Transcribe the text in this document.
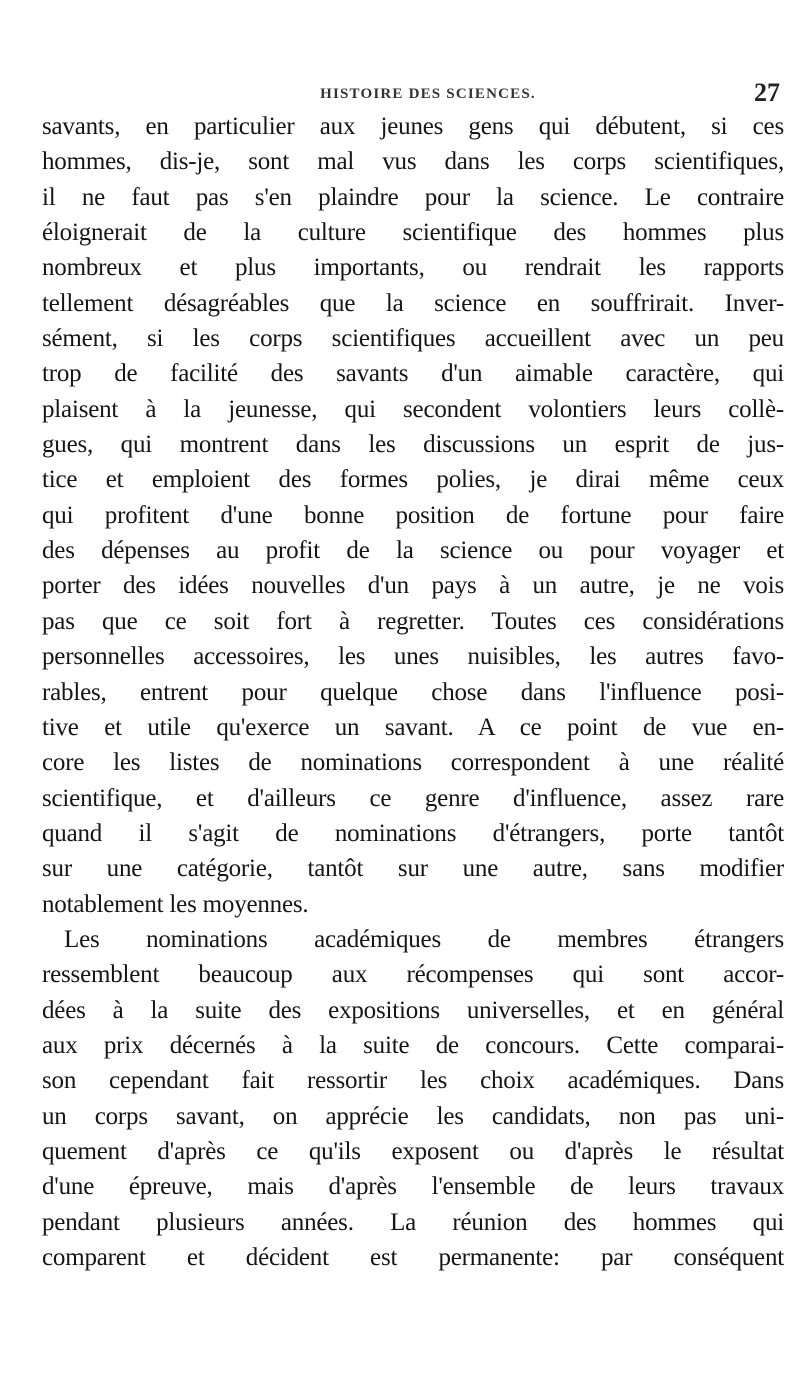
HISTOIRE DES SCIENCES.	27
savants, en particulier aux jeunes gens qui débutent, si ces
hommes, dis-je, sont mal vus dans les corps scientifiques,
il ne faut pas s'en plaindre pour la science. Le contraire
éloignerait de la culture scientifique des hommes plus
nombreux et plus importants, ou rendrait les rapports
tellement désagréables que la science en souffrirait. Inver-
sément, si les corps scientifiques accueillent avec un peu
trop de facilité des savants d'un aimable caractère, qui
plaisent à la jeunesse, qui secondent volontiers leurs collè-
gues, qui montrent dans les discussions un esprit de jus-
tice et emploient des formes polies, je dirai même ceux
qui profitent d'une bonne position de fortune pour faire
des dépenses au profit de la science ou pour voyager et
porter des idées nouvelles d'un pays à un autre, je ne vois
pas que ce soit fort à regretter. Toutes ces considérations
personnelles accessoires, les unes nuisibles, les autres favo-
rables, entrent pour quelque chose dans l'influence posi-
tive et utile qu'exerce un savant. A ce point de vue en-
core les listes de nominations correspondent à une réalité
scientifique, et d'ailleurs ce genre d'influence, assez rare
quand il s'agit de nominations d'étrangers, porte tantôt
sur une catégorie, tantôt sur une autre, sans modifier
notablement les moyennes.
Les nominations académiques de membres étrangers
ressemblent beaucoup aux récompenses qui sont accor-
dées à la suite des expositions universelles, et en général
aux prix décernés à la suite de concours. Cette comparai-
son cependant fait ressortir les choix académiques. Dans
un corps savant, on apprécie les candidats, non pas uni-
quement d'après ce qu'ils exposent ou d'après le résultat
d'une épreuve, mais d'après l'ensemble de leurs travaux
pendant plusieurs années. La réunion des hommes qui
comparent et décident est permanente: par conséquent
